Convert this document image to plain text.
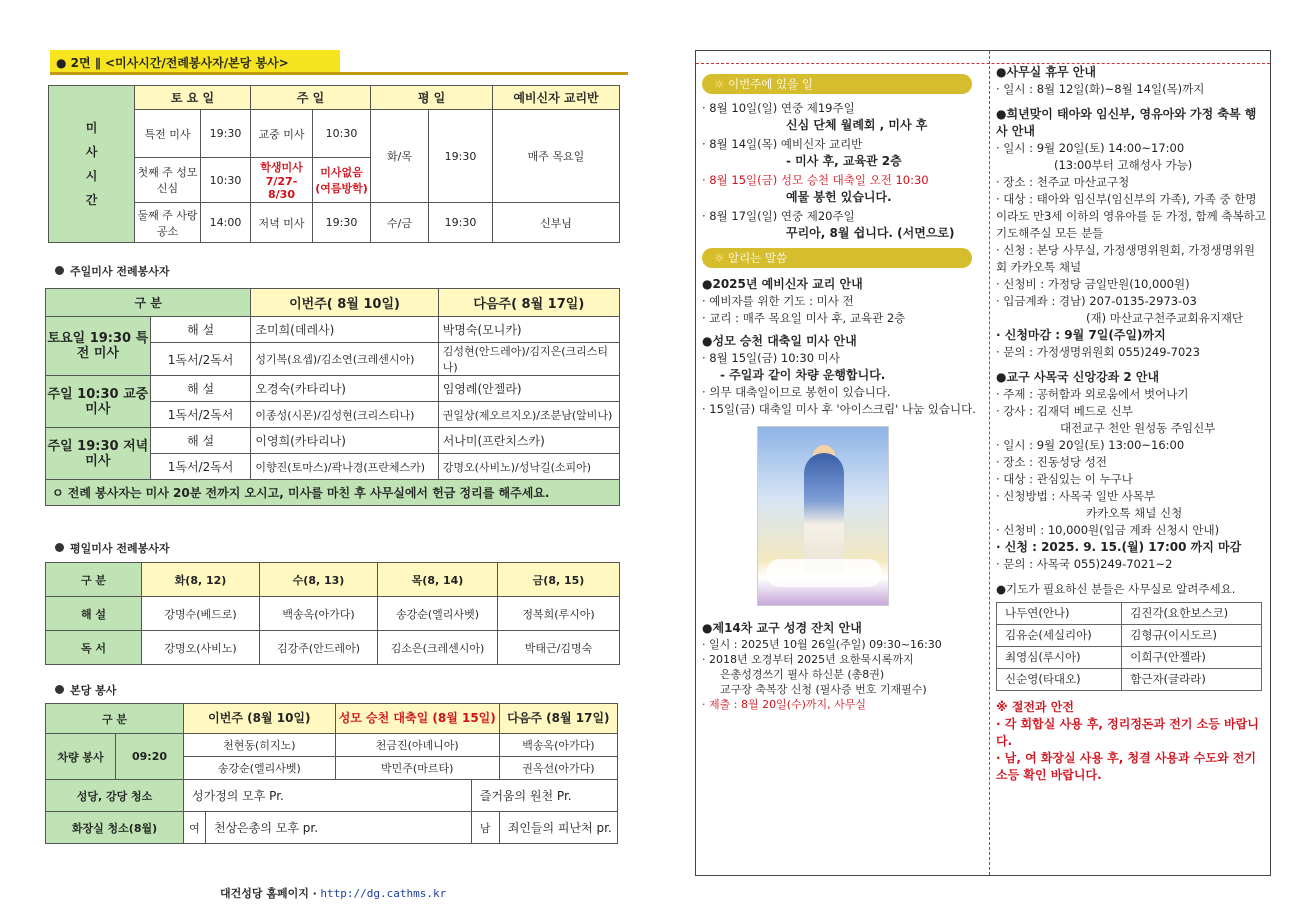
● 2면 ∥ <미사시간/전례봉사자/본당 봉사>
미
사
시
간	토 요 일		주 일		평 일		예비신자 교리반
	특전 미사	19:30	교중 미사	10:30	화/목	19:30	매주 목요일
	첫째 주 성모 신심	10:30	학생미사 7/27-8/30	미사없음 (여름방학)			
	둘째 주 사랑 공소	14:00	저녁 미사	19:30	수/금	19:30	신부님
주일미사 전례봉사자
구 분		이번주( 8월 10일)	다음주( 8월 17일)
토요일 19:30 특전 미사	해 설	조미희(데레사)	박명숙(모니카)
	1독서/2독서	성기복(요셉)/김소연(크레센시아)	김성현(안드레아)/김지은(크리스티나)
주일 10:30 교중 미사	해 설	오경숙(카타리나)	임영례(안젤라)
	1독서/2독서	이종성(시몬)/김성현(크리스티나)	권일상(제오르지오)/조분남(알비나)
주일 19:30 저녁 미사	해 설	이영희(카타리나)	서나미(프란치스카)
	1독서/2독서	이향진(토마스)/곽나경(프란체스카)	강명오(사비노)/성낙길(소피아)
ㅇ 전례 봉사자는 미사 20분 전까지 오시고, 미사를 마친 후 사무실에서 헌금 정리를 해주세요.			
평일미사 전례봉사자
구 분	화(8, 12)	수(8, 13)	목(8, 14)	금(8, 15)
해 설	강명수(베드로)	백송옥(아가다)	송강순(엘리사벳)	정복희(루시아)
독 서	강명오(사비노)	김강주(안드레아)	김소은(크레센시아)	박태근/김명숙
본당 봉사
구 분		이번주 (8월 10일)		성모 승천 대축일 (8월 15일)		다음주 (8월 17일)
차량 봉사	09:20	천현동(히지노)		천금진(아녜니아)		백송옥(아가다)
		송강순(엘리사벳)		박민주(마르타)		권옥선(아가다)
성당, 강당 청소		성가정의 모후 Pr.			즐거움의 원천 Pr.	
화장실 청소(8월)		여	천상은총의 모후 pr.		남	죄인들의 피난처 pr.
대건성당 홈페이지 · http://dg.cathms.kr
☼ 이번주에 있을 일
· 8월 10일(일) 연중 제19주일
신심 단체 월례회 , 미사 후
· 8월 14일(목) 예비신자 교리반
- 미사 후, 교육관 2층
· 8월 15일(금) 성모 승천 대축일 오전 10:30
예물 봉헌 있습니다.
· 8월 17일(일) 연중 제20주일
꾸리아, 8월 쉽니다. (서면으로)
☼ 알리는 말씀
●2025년 예비신자 교리 안내
· 예비자를 위한 기도 : 미사 전
· 교리 : 매주 목요일 미사 후, 교육관 2층
●성모 승천 대축일 미사 안내
· 8월 15일(금) 10:30 미사
- 주일과 같이 차량 운행합니다.
· 의무 대축일이므로 봉헌이 있습니다.
· 15일(금) 대축일 미사 후 '아이스크림' 나눔 있습니다.
●제14차 교구 성경 잔치 안내
· 일시 : 2025년 10월 26일(주일) 09:30~16:30
· 2018년 오경부터 2025년 요한묵시록까지
은총성경쓰기 필사 하신분 (총8권)
교구장 축복장 신청 (필사증 번호 기재필수)
· 제출 : 8월 20일(수)까지, 사무실
●사무실 휴무 안내
· 일시 : 8월 12일(화)~8월 14일(목)까지
●희년맞이 태아와 임신부, 영유아와 가정 축복 행사 안내
· 일시 : 9월 20일(토) 14:00~17:00
(13:00부터 고해성사 가능)
· 장소 : 천주교 마산교구청
· 대상 : 태아와 임신부(임신부의 가족), 가족 중 한명이라도 만3세 이하의 영유아를 둔 가정, 함께 축복하고 기도해주실 모든 분들
· 신청 : 본당 사무실, 가정생명위원회, 가정생명위원회 카카오톡 채널
· 신청비 : 가정당 금일만원(10,000원)
· 입금계좌 : 경남) 207-0135-2973-03
(재) 마산교구천주교회유지재단
· 신청마감 : 9월 7일(주일)까지
· 문의 : 가정생명위원회 055)249-7023
●교구 사목국 신앙강좌 2 안내
· 주제 : 공허함과 외로움에서 벗어나기
· 강사 : 김재덕 베드로 신부
대전교구 천안 원성동 주임신부
· 일시 : 9월 20일(토) 13:00~16:00
· 장소 : 진동성당 성전
· 대상 : 관심있는 이 누구나
· 신청방법 : 사목국 일반 사목부
카카오톡 채널 신청
· 신청비 : 10,000원(입금 계좌 신청시 안내)
· 신청 : 2025. 9. 15.(월) 17:00 까지 마감
· 문의 : 사목국 055)249-7021~2
●기도가 필요하신 분들은 사무실로 알려주세요.
나두연(안나)	김진각(요한보스코)
김유순(세실리아)	김형규(이시도르)
최영심(루시아)	이희구(안젤라)
신순영(타대오)	함근자(글라라)
※ 절전과 안전
· 각 회합실 사용 후, 정리정돈과 전기 소등 바랍니다.
· 남, 여 화장실 사용 후, 청결 사용과 수도와 전기 소등 확인 바랍니다.
